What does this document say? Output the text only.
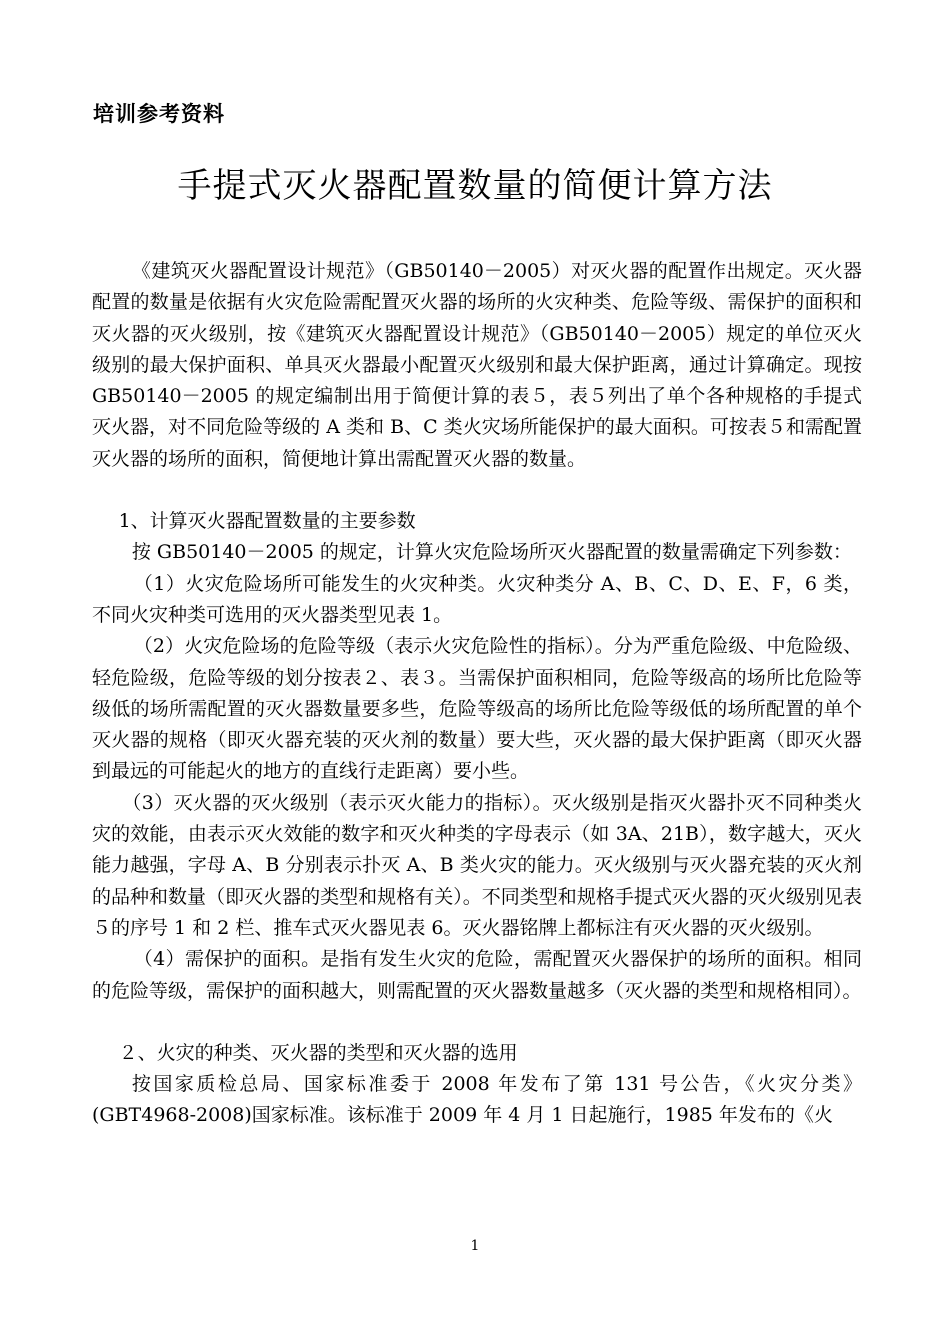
培训参考资料
手提式灭火器配置数量的简便计算方法

《建筑灭火器配置设计规范》（GB50140－2005）对灭火器的配置作出规定。灭火器配置的数量是依据有火灾危险需配置灭火器的场所的火灾种类、危险等级、需保护的面积和灭火器的灭火级别，按《建筑灭火器配置设计规范》（GB50140－2005）规定的单位灭火级别的最大保护面积、单具灭火器最小配置灭火级别和最大保护距离，通过计算确定。现按 GB50140－2005 的规定编制出用于简便计算的表５，表５列出了单个各种规格的手提式灭火器，对不同危险等级的 A 类和 B、C 类火灾场所能保护的最大面积。可按表５和需配置灭火器的场所的面积，简便地计算出需配置灭火器的数量。

1、计算灭火器配置数量的主要参数

按 GB50140－2005 的规定，计算火灾危险场所灭火器配置的数量需确定下列参数：

（1）火灾危险场所可能发生的火灾种类。火灾种类分 A、B、C、D、E、F，6 类，不同火灾种类可选用的灭火器类型见表 1。

（2）火灾危险场的危险等级（表示火灾危险性的指标）。分为严重危险级、中危险级、轻危险级，危险等级的划分按表２、表３。当需保护面积相同，危险等级高的场所比危险等级低的场所需配置的灭火器数量要多些，危险等级高的场所比危险等级低的场所配置的单个灭火器的规格（即灭火器充装的灭火剂的数量）要大些，灭火器的最大保护距离（即灭火器到最远的可能起火的地方的直线行走距离）要小些。

（3）灭火器的灭火级别（表示灭火能力的指标）。灭火级别是指灭火器扑灭不同种类火灾的效能，由表示灭火效能的数字和灭火种类的字母表示（如 3A、21B），数字越大，灭火能力越强，字母 A、B 分别表示扑灭 A、B 类火灾的能力。灭火级别与灭火器充装的灭火剂的品种和数量（即灭火器的类型和规格有关）。不同类型和规格手提式灭火器的灭火级别见表５的序号 1 和 2 栏、推车式灭火器见表 6。灭火器铭牌上都标注有灭火器的灭火级别。

（4）需保护的面积。是指有发生火灾的危险，需配置灭火器保护的场所的面积。相同的危险等级，需保护的面积越大，则需配置的灭火器数量越多（灭火器的类型和规格相同）。

２、火灾的种类、灭火器的类型和灭火器的选用

按国家质检总局、国家标准委于 2008 年发布了第 131 号公告，《火灾分类》(GBT4968-2008)国家标准。该标准于 2009 年 4 月 1 日起施行，1985 年发布的《火

1
